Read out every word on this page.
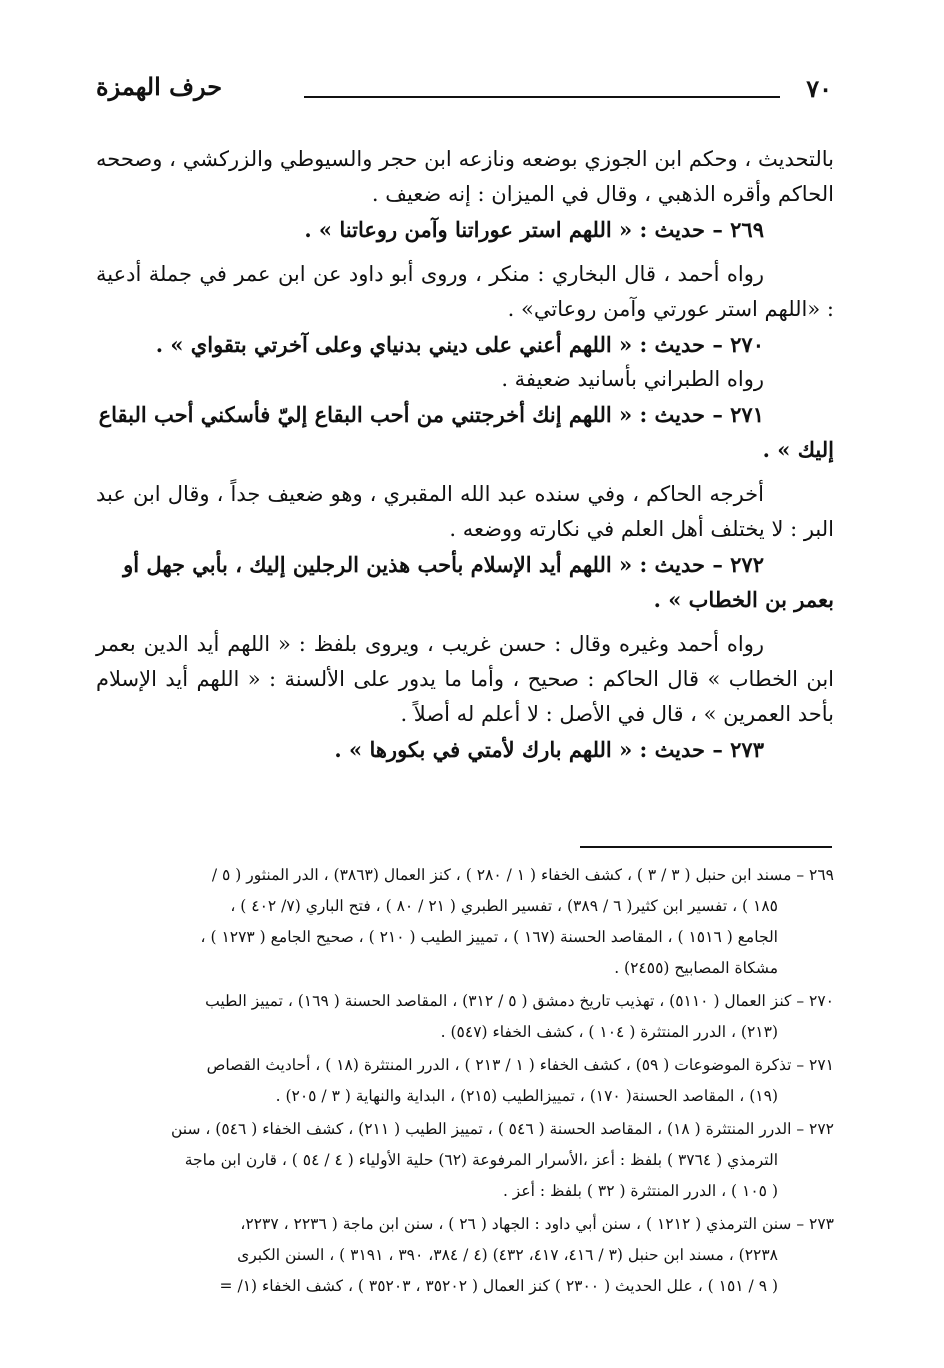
٧٠
حرف الهمزة

بالتحديث ، وحكم ابن الجوزي بوضعه ونازعه ابن حجر والسيوطي والزركشي ، وصححه الحاكم وأقره الذهبي ، وقال في الميزان : إنه ضعيف .

٢٦٩ – حديث : « اللهم استر عوراتنا وآمن روعاتنا » .

رواه أحمد ، قال البخاري : منكر ، وروى أبو داود عن ابن عمر في جملة أدعية : «اللهم استر عورتي وآمن روعاتي» .

٢٧٠ – حديث : « اللهم أعني على ديني بدنياي وعلى آخرتي بتقواي » .

رواه الطبراني بأسانيد ضعيفة .

٢٧١ – حديث : « اللهم إنك أخرجتني من أحب البقاع إليّ فأسكني أحب البقاع

إليك » .

أخرجه الحاكم ، وفي سنده عبد الله المقبري ، وهو ضعيف جداً ، وقال ابن عبد البر : لا يختلف أهل العلم في نكارته ووضعه .

٢٧٢ – حديث : « اللهم أيد الإسلام بأحب هذين الرجلين إليك ، بأبي جهل أو

بعمر بن الخطاب » .

رواه أحمد وغيره وقال : حسن غريب ، ويروى بلفظ : « اللهم أيد الدين بعمر ابن الخطاب » قال الحاكم : صحيح ، وأما ما يدور على الألسنة : « اللهم أيد الإسلام بأحد العمرين » ، قال في الأصل : لا أعلم له أصلاً .

٢٧٣ – حديث : « اللهم بارك لأمتي في بكورها » .

٢٦٩ – مسند ابن حنبل ( ٣ / ٣ ) ، كشف الخفاء ( ١ / ٢٨٠ ) ، كنز العمال (٣٨٦٣) ، الدر المنثور ( ٥ /
١٨٥ ) ، تفسير ابن كثير( ٦ / ٣٨٩) ، تفسير الطبري ( ٢١ / ٨٠ ) ، فتح الباري (٧/ ٤٠٢ ) ،
الجامع ( ١٥١٦ ) ، المقاصد الحسنة (١٦٧ ) ، تمييز الطيب ( ٢١٠ ) ، صحيح الجامع ( ١٢٧٣ ) ،
مشكاة المصابيح (٢٤٥٥) .
٢٧٠ – كنز العمال ( ٥١١٠) ، تهذيب تاريخ دمشق ( ٥ / ٣١٢) ، المقاصد الحسنة ( ١٦٩) ، تمييز الطيب
(٢١٣) ، الدرر المنتثرة ( ١٠٤ ) ، كشف الخفاء (٥٤٧) .
٢٧١ – تذكرة الموضوعات ( ٥٩) ، كشف الخفاء ( ١ / ٢١٣ ) ، الدرر المنتثرة (١٨ ) ، أحاديث القصاص
(١٩) ، المقاصد الحسنة( ١٧٠) ، تمييزالطيب (٢١٥) ، البداية والنهاية ( ٣ / ٢٠٥) .
٢٧٢ – الدرر المنتثرة ( ١٨) ، المقاصد الحسنة ( ٥٤٦ ) ، تمييز الطيب ( ٢١١) ، كشف الخفاء ( ٥٤٦) ، سنن
الترمذي ( ٣٧٦٤ ) بلفظ : أعز ،الأسرار المرفوعة (٦٢) حلية الأولياء ( ٤ / ٥٤ ) ، قارن ابن ماجة
( ١٠٥ ) ، الدرر المنتثرة ( ٣٢ ) بلفظ : أعز .
٢٧٣ – سنن الترمذي ( ١٢١٢ ) ، سنن أبي داود : الجهاد ( ٢٦ ) ، سنن ابن ماجة ( ٢٢٣٦ ، ٢٢٣٧،
٢٢٣٨) ، مسند ابن حنبل (٣ / ٤١٦، ٤١٧، ٤٣٢) (٤ / ٣٨٤، ٣٩٠ ، ٣١٩١ ) ، السنن الكبرى
( ٩ / ١٥١ ) ، علل الحديث ( ٢٣٠٠ ) كنز العمال ( ٣٥٢٠٢ ، ٣٥٢٠٣ ) ، كشف الخفاء (١/ =
